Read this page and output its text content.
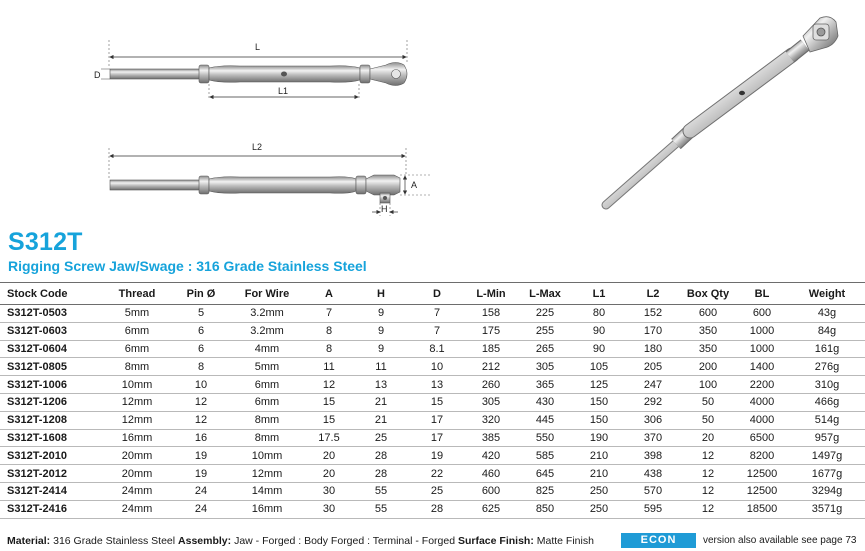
L
D
L1
L2
A
H
S312T
Rigging Screw Jaw/Swage : 316 Grade Stainless Steel
Stock Code	Thread	Pin Ø	For Wire	A	H	D	L-Min	L-Max	L1	L2	Box Qty	BL	Weight
S312T-0503	5mm	5	3.2mm	7	9	7	158	225	80	152	600	600	43g
S312T-0603	6mm	6	3.2mm	8	9	7	175	255	90	170	350	1000	84g
S312T-0604	6mm	6	4mm	8	9	8.1	185	265	90	180	350	1000	161g
S312T-0805	8mm	8	5mm	11	11	10	212	305	105	205	200	1400	276g
S312T-1006	10mm	10	6mm	12	13	13	260	365	125	247	100	2200	310g
S312T-1206	12mm	12	6mm	15	21	15	305	430	150	292	50	4000	466g
S312T-1208	12mm	12	8mm	15	21	17	320	445	150	306	50	4000	514g
S312T-1608	16mm	16	8mm	17.5	25	17	385	550	190	370	20	6500	957g
S312T-2010	20mm	19	10mm	20	28	19	420	585	210	398	12	8200	1497g
S312T-2012	20mm	19	12mm	20	28	22	460	645	210	438	12	12500	1677g
S312T-2414	24mm	24	14mm	30	55	25	600	825	250	570	12	12500	3294g
S312T-2416	24mm	24	16mm	30	55	28	625	850	250	595	12	18500	3571g
Material: 316 Grade Stainless Steel Assembly: Jaw - Forged : Body Forged : Terminal - Forged Surface Finish: Matte Finish	ECON	version also available see page 73
